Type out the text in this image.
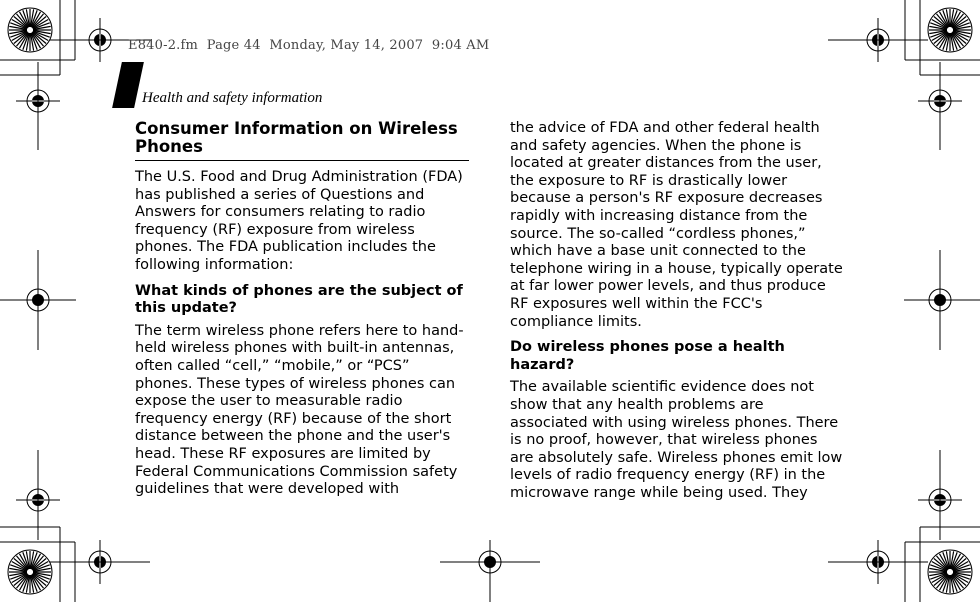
E840-2.fm  Page 44  Monday, May 14, 2007  9:04 AM
Health and safety information
Consumer Information on Wireless Phones

The U.S. Food and Drug Administration (FDA) has published a series of Questions and Answers for consumers relating to radio frequency (RF) exposure from wireless phones. The FDA publication includes the following information:

What kinds of phones are the subject of this update?

The term wireless phone refers here to hand-held wireless phones with built-in antennas, often called “cell,” “mobile,” or “PCS” phones. These types of wireless phones can expose the user to measurable radio frequency energy (RF) because of the short distance between the phone and the user's head. These RF exposures are limited by Federal Communications Commission safety guidelines that were developed with

the advice of FDA and other federal health and safety agencies. When the phone is located at greater distances from the user, the exposure to RF is drastically lower because a person's RF exposure decreases rapidly with increasing distance from the source. The so-called “cordless phones,” which have a base unit connected to the telephone wiring in a house, typically operate at far lower power levels, and thus produce RF exposures well within the FCC's compliance limits.

Do wireless phones pose a health hazard?

The available scientific evidence does not show that any health problems are associated with using wireless phones. There is no proof, however, that wireless phones are absolutely safe. Wireless phones emit low levels of radio frequency energy (RF) in the microwave range while being used. They
